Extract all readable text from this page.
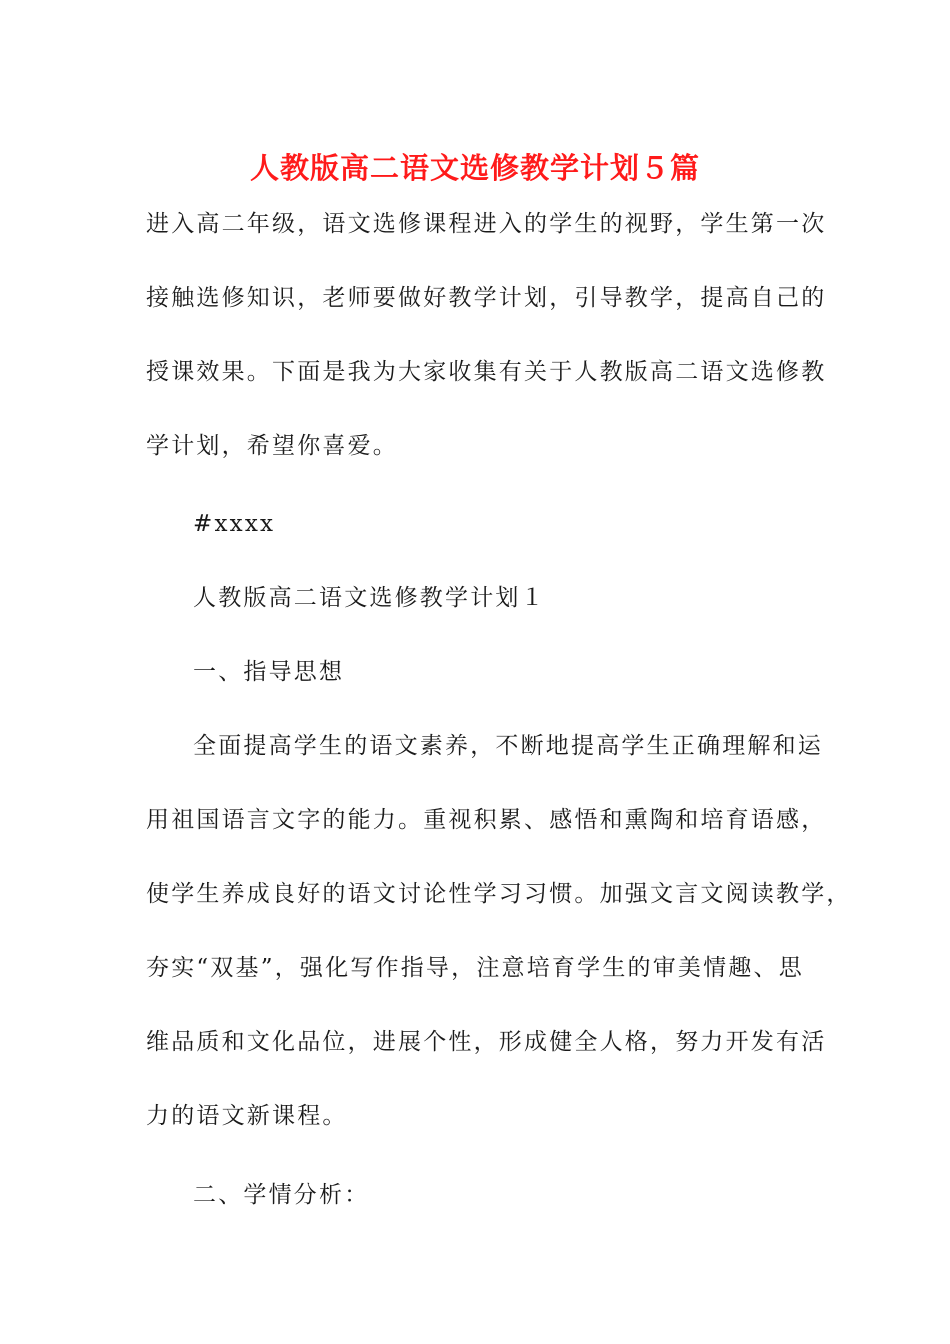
人教版高二语文选修教学计划５篇
进入高二年级，语文选修课程进入的学生的视野，学生第一次
接触选修知识，老师要做好教学计划，引导教学，提高自己的
授课效果。下面是我为大家收集有关于人教版高二语文选修教
学计划，希望你喜爱。
#xxxx
人教版高二语文选修教学计划１
一、指导思想
全面提高学生的语文素养，不断地提高学生正确理解和运
用祖国语言文字的能力。重视积累、感悟和熏陶和培育语感，
使学生养成良好的语文讨论性学习习惯。加强文言文阅读教学，
夯实“双基”，强化写作指导，注意培育学生的审美情趣、思
维品质和文化品位，进展个性，形成健全人格，努力开发有活
力的语文新课程。
二、学情分析：
